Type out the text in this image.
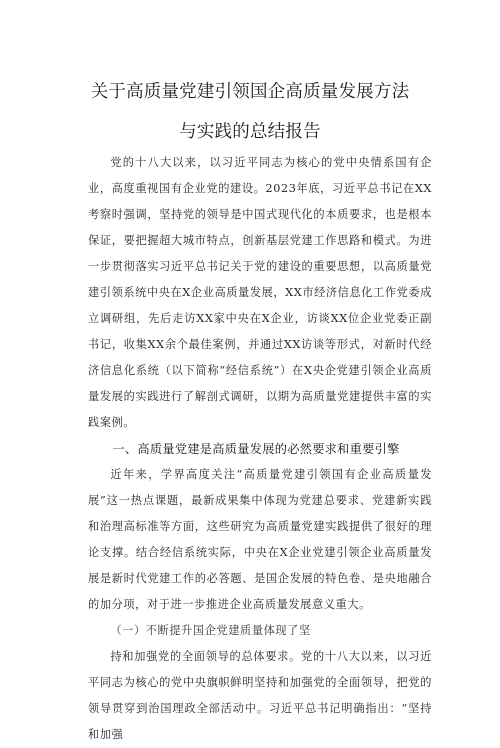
关于高质量党建引领国企高质量发展方法
与实践的总结报告

党的十八大以来，以习近平同志为核心的党中央情系国有企业，高度重视国有企业党的建设。2023年底，习近平总书记在XX考察时强调，坚持党的领导是中国式现代化的本质要求，也是根本保证，要把握超大城市特点，创新基层党建工作思路和模式。为进一步贯彻落实习近平总书记关于党的建设的重要思想，以高质量党建引领系统中央在X企业高质量发展，XX市经济信息化工作党委成立调研组，先后走访XX家中央在X企业，访谈XX位企业党委正副书记，收集XX余个最佳案例，并通过XX访谈等形式，对新时代经济信息化系统（以下简称“经信系统”）在X央企党建引领企业高质量发展的实践进行了解剖式调研，以期为高质量党建提供丰富的实践案例。

一、高质量党建是高质量发展的必然要求和重要引擎

近年来，学界高度关注“高质量党建引领国有企业高质量发展”这一热点课题，最新成果集中体现为党建总要求、党建新实践和治理高标准等方面，这些研究为高质量党建实践提供了很好的理论支撑。结合经信系统实际，中央在X企业党建引领企业高质量发展是新时代党建工作的必答题、是国企发展的特色卷、是央地融合的加分项，对于进一步推进企业高质量发展意义重大。

（一）不断提升国企党建质量体现了坚

持和加强党的全面领导的总体要求。党的十八大以来，以习近平同志为核心的党中央旗帜鲜明坚持和加强党的全面领导，把党的领导贯穿到治国理政全部活动中。习近平总书记明确指出：“坚持和加强
